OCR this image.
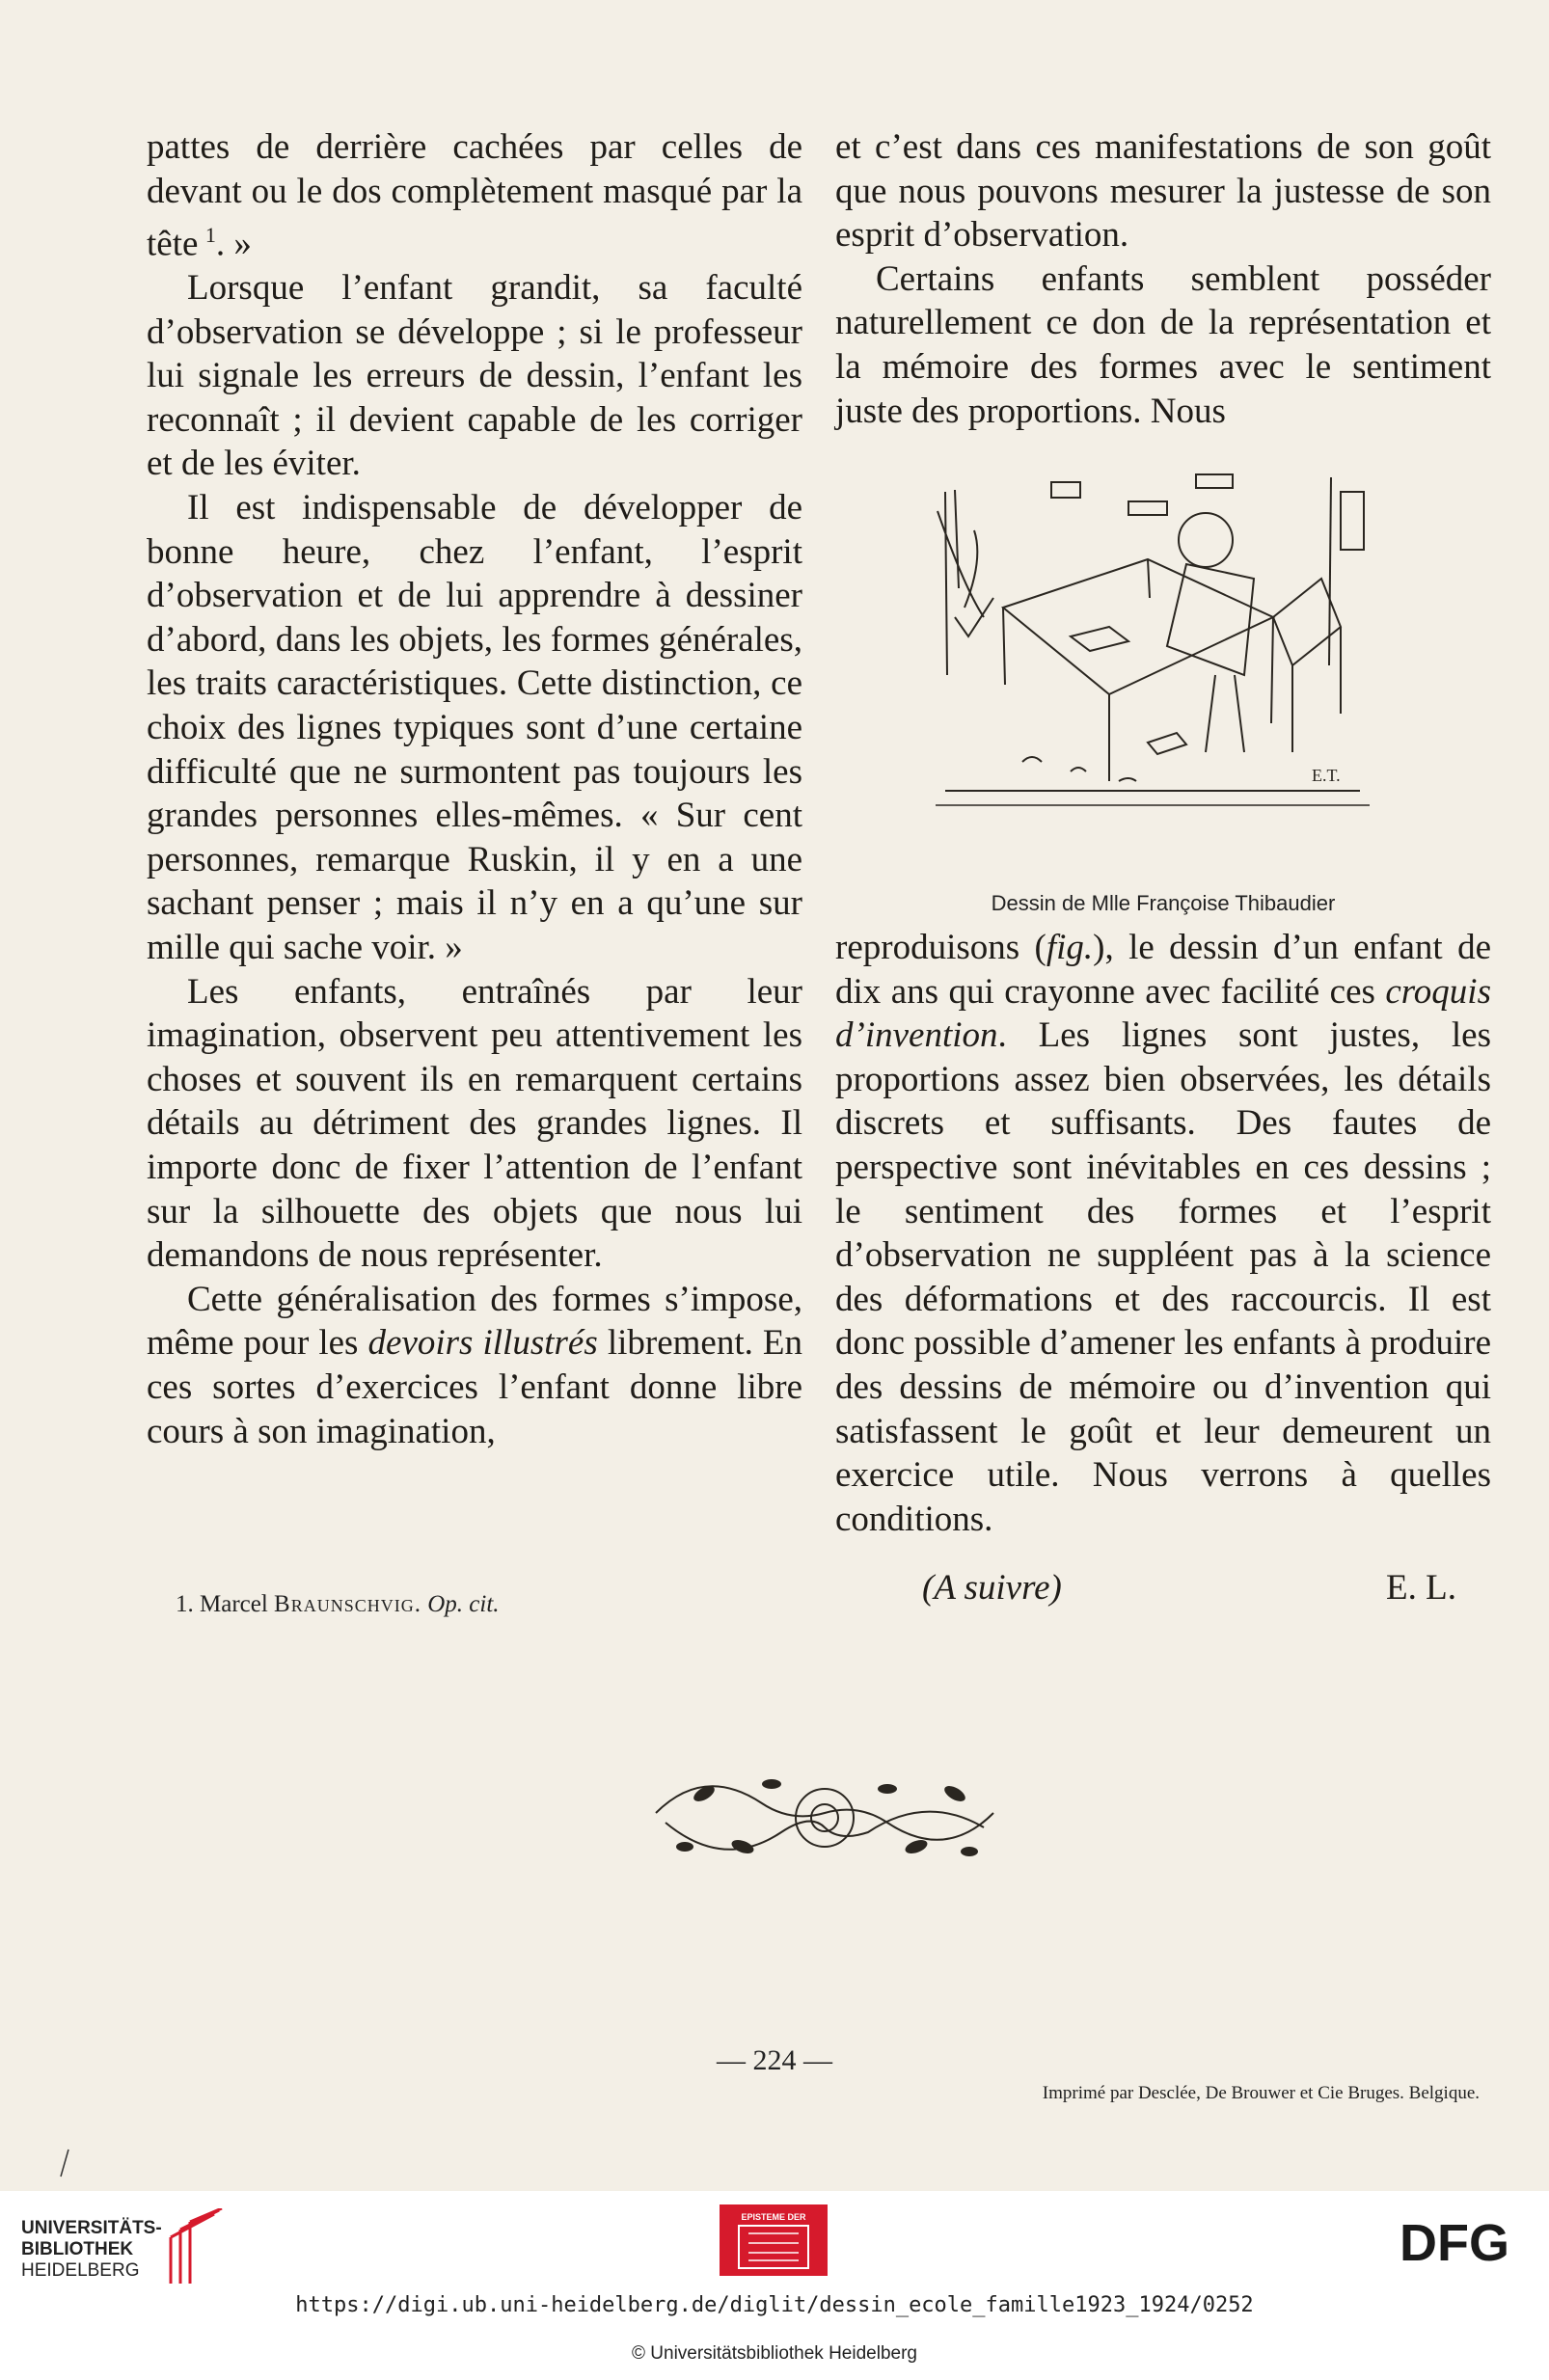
pattes de derrière cachées par celles de devant ou le dos complètement masqué par la tête  $^1$. »

Lorsque l’enfant grandit, sa faculté d’observation se développe ; si le professeur lui signale les erreurs de dessin, l’enfant les reconnaît ; il devient capable de les corriger et de les éviter.

Il est indispensable de développer de bonne heure, chez l’enfant, l’esprit d’observation et de lui apprendre à dessiner d’abord, dans les objets, les formes générales, les traits caractéristiques. Cette distinction, ce choix des lignes typiques sont d’une certaine difficulté que ne surmontent pas toujours les grandes personnes elles-mêmes. « Sur cent personnes, remarque Ruskin, il y en a une sachant penser ; mais il n’y en a qu’une sur mille qui sache voir. »

Les enfants, entraînés par leur imagination, observent peu attentivement les choses et souvent ils en remarquent certains détails au détriment des grandes lignes. Il importe donc de fixer l’attention de l’enfant sur la silhouette des objets que nous lui demandons de nous représenter.

Cette généralisation des formes s’impose, même pour les devoirs illustrés librement. En ces sortes d’exercices l’enfant donne libre cours à son imagination,

et c’est dans ces manifestations de son goût que nous pouvons mesurer la justesse de son esprit d’observation.

Certains enfants semblent posséder naturellement ce don de la représentation et la mémoire des formes avec le sentiment juste des proportions. Nous

E.T.
Dessin de Mlle Françoise Thibaudier

reproduisons (fig.), le dessin d’un enfant de dix ans qui crayonne avec facilité ces croquis d’invention. Les lignes sont justes, les proportions assez bien observées, les détails discrets et suffisants. Des fautes de perspective sont inévitables en ces dessins ; le sentiment des formes et l’esprit d’observation ne suppléent pas à la science des déformations et des raccourcis. Il est donc possible d’amener les enfants à produire des dessins de mémoire ou d’invention qui satisfassent le goût et leur demeurent un exercice utile. Nous verrons à quelles conditions.

(A suivre)	E. L.
1. Marcel Braunschvig. Op. cit.
— 224 —
Imprimé par Desclée, De Brouwer et Cie Bruges. Belgique.
UNIVERSITÄTS-
BIBLIOTHEK
HEIDELBERG
EPISTEME DER	DFG
https://digi.ub.uni-heidelberg.de/diglit/dessin_ecole_famille1923_1924/0252
© Universitätsbibliothek Heidelberg
